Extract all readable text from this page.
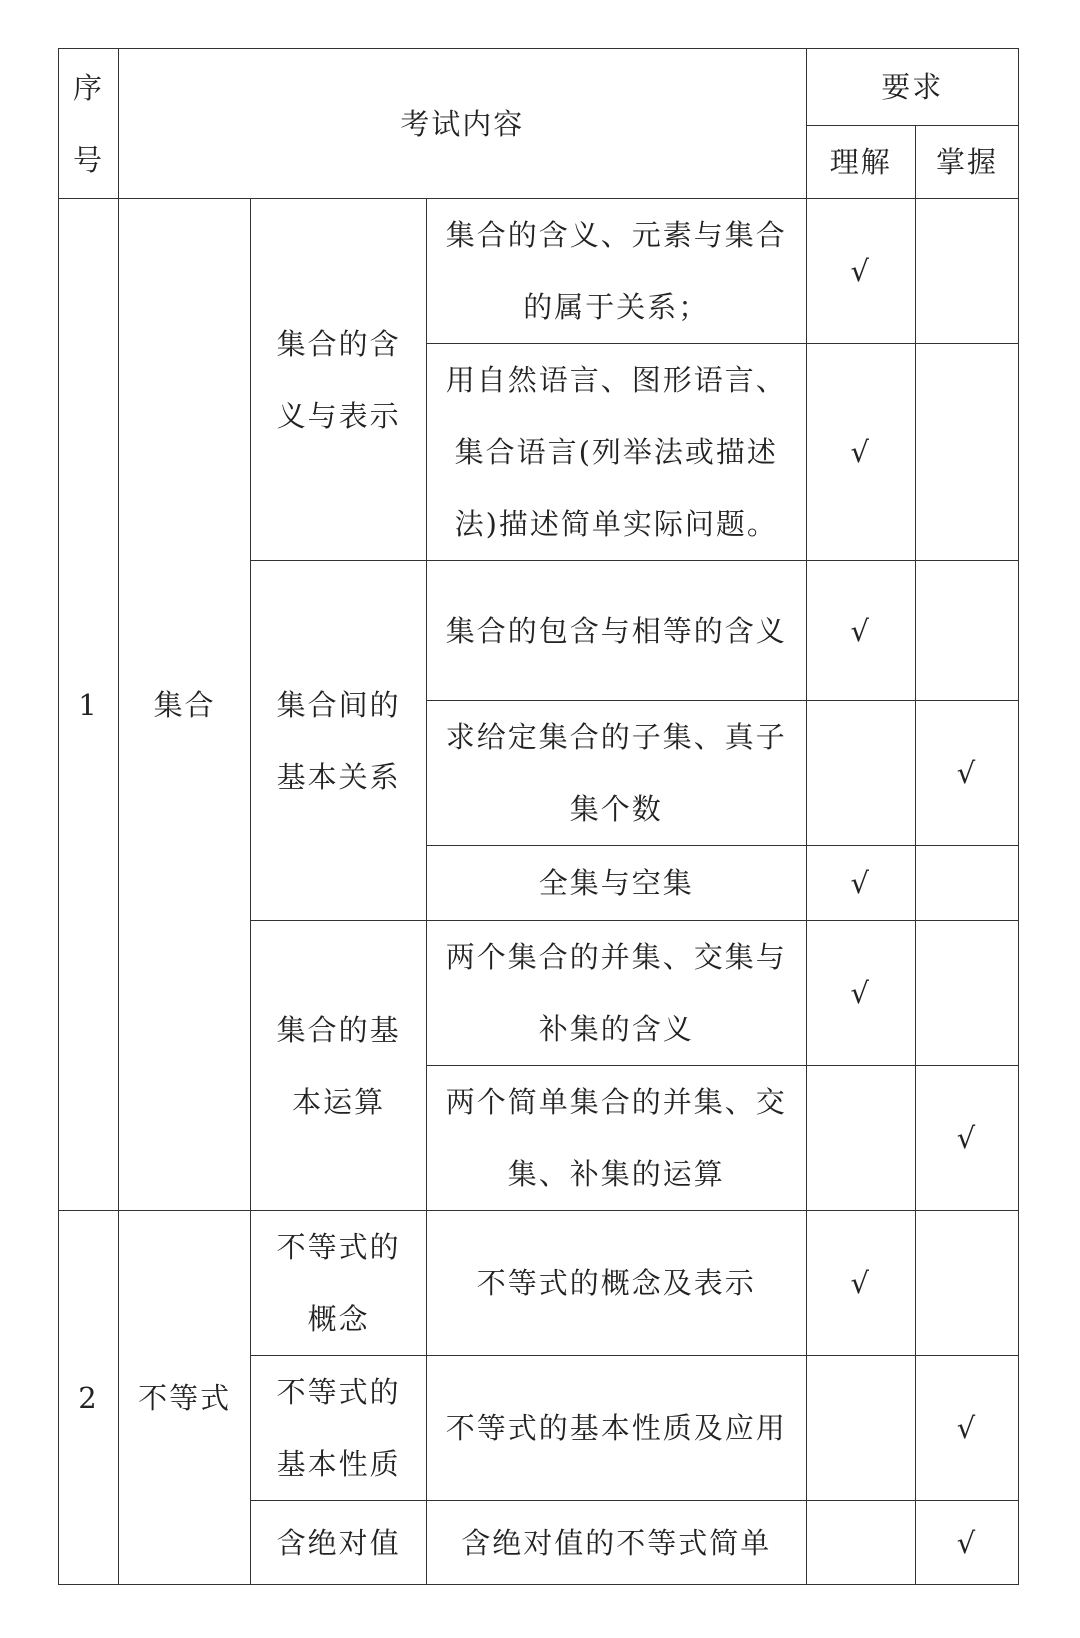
序号	考试内容			要求	
				理解	掌握
1	集合	集合的含义与表示	集合的含义、元素与集合的属于关系；	√	
			用自然语言、图形语言、集合语言(列举法或描述法)描述简单实际问题。	√	
		集合间的基本关系	集合的包含与相等的含义	√	
			求给定集合的子集、真子集个数		√
			全集与空集	√	
		集合的基本运算	两个集合的并集、交集与补集的含义	√	
			两个简单集合的并集、交集、补集的运算		√
2	不等式	不等式的概念	不等式的概念及表示	√	
		不等式的基本性质	不等式的基本性质及应用		√
		含绝对值	含绝对值的不等式简单		√
